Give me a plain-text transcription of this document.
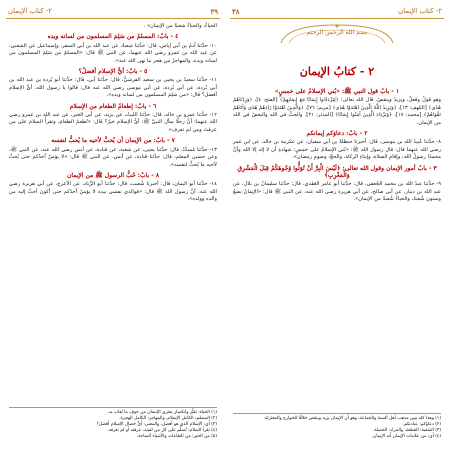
٣٩
٢- كتاب الإيمان

الحياءُ، والحياءُ شعبةٌ من الإيمان» .

٤ - بابٌ: المسلمُ من سَلِمَ المسلمون من لسانه ويده

١٠- حدَّثنا آدمُ بن أبي إياس، قال: حدَّثنا شعبةُ، عن عبد الله بن أبي السفر، وإسماعيل عن الشعبي، عن عبد الله بن عمرو رضي الله عنهما، عن النبي ﷺ قال: «المسلمُ من سَلِمَ المسلمون من لسانه ويده، والمهاجرُ من هجر ما نهى الله عنه».

٥ - بابٌ: أيُّ الإسلام أفضلُ؟

١١- حدَّثنا سعيدُ بن يحيى بن سعيد القرشيُّ، قال: حدَّثنا أبي، قال: حدَّثنا أبو بُردة بن عبد الله بن أبي بُردة، عن أبي بُردة، عن أبي موسى رضي الله عنه قال: قالوا يا رسول الله، أيُّ الإسلام أفضل؟ قال: «من سَلِمَ المسلمون من لسانه ويده».

٦ - بابٌ: إطعامُ الطعام من الإسلام

١٢- حدَّثنا عمرو بن خالد، قال: حدَّثنا الليثُ، عن يزيد، عن أبي الخير، عن عبد الله بن عمرو رضي الله عنهما: أنَّ رجلًا سأل النبيَّ ﷺ: أيُّ الإسلام خيرٌ؟ قال: «تُطعمُ الطعامَ، وتقرأُ السلامَ على من عرفتَ ومن لم تعرف».

٧ - بابٌ: من الإيمان أن يُحبَّ لأخيه ما يُحبُّ لنفسه

١٣- حدَّثنا مُسدَّدٌ، قال: حدَّثنا يحيى، عن شعبة، عن قتادة، عن أنس رضي الله عنه، عن النبي ﷺ، وعن حسين المعلم، قال: حدَّثنا قتادة، عن أنس، عن النبي ﷺ قال: «لا يؤمنُ أحدُكم حتى يُحبَّ لأخيه ما يُحبُّ لنفسه».

٨ - بابٌ: حُبُّ الرسول ﷺ من الإيمان

١٤- حدَّثنا أبو اليمان، قال: أخبرنا شُعيب، قال: حدَّثنا أبو الزِّناد، عن الأعرج، عن أبي هريرة رضي الله عنه: أنَّ رسول الله ﷺ قال: «فوالذي نفسي بيده لا يؤمنُ أحدُكم حتى أكونَ أحبَّ إليه من والده وولده».

(١) الحياء: تغيُّر وانكسار يعتري الإنسان من خوف ما يُعاب به.

(٢) المسلم: الكامل الإسلام، والمهاجر: الكامل الهجرة.

(٣) أي: الإسلام الذي هو أفضل، والمعنى: أيُّ خصال الإسلام أفضل؟

(٤) تقرأ السلام: تُسلِّم على كل من لقيته، عرفته أو لم تعرفه.

(٥) من الخير: من الطاعات والأشياء المباحة.

٢- كتاب الإيمان
٣٨
بسم الله الرحمن الرحيم
٢ - كتابُ الإيمان
١ - بابُ قول النبي ﷺ: «بُني الإسلامُ على خمسٍ»

وهو قولٌ وفعلٌ، ويزيدُ وينقصُ. قال الله تعالى: ﴿لِيَزْدَادُوا إِيمَانًا مَعَ إِيمَانِهِمْ﴾ [الفتح: ٤]، ﴿وَزِدْنَاهُمْ هُدًى﴾ [الكهف: ١٣]، ﴿وَيَزِيدُ اللَّهُ الَّذِينَ اهْتَدَوْا هُدًى﴾ [مريم: ٧٦]، ﴿وَالَّذِينَ اهْتَدَوْا زَادَهُمْ هُدًى وَآتَاهُمْ تَقْوَاهُمْ﴾ [محمد: ١٧]، ﴿وَيَزْدَادَ الَّذِينَ آمَنُوا إِيمَانًا﴾ [المدثر: ٣١]. والحبُّ في الله والبغضُ في الله من الإيمان.

٢ - بابٌ: دعاؤكم إيمانكم

٨- حدَّثنا عُبيدُ الله بن موسى، قال: أخبرنا حنظلةُ بن أبي سفيان، عن عكرمة بن خالد، عن ابن عمر رضي الله عنهما قال: قال رسول الله ﷺ: «بُني الإسلامُ على خمسٍ: شهادةِ أن لا إله إلا الله وأنَّ محمدًا رسولُ الله، وإقامِ الصلاة، وإيتاءِ الزكاة، والحجِّ، وصومِ رمضان».

٣ - بابُ أمور الإيمان وقول الله تعالى: ﴿لَيْسَ الْبِرَّ أَنْ تُوَلُّوا وُجُوهَكُمْ قِبَلَ الْمَشْرِقِ وَالْمَغْرِبِ﴾

٩- حدَّثنا عبدُ الله بن محمد الجُعفي، قال: حدَّثنا أبو عامر العَقَدي، قال: حدَّثنا سليمانُ بن بلال، عن عبد الله بن دينار، عن أبي صالح، عن أبي هريرة رضي الله عنه، عن النبي ﷺ قال: «الإيمانُ بضعٌ وستون شُعبةً، والحياءُ شُعبةٌ من الإيمان».

(١) وهذا كله يبين مذهب أهل السنة والجماعة، وهو أن الإيمان يزيد وينقص خلافًا للخوارج والمعتزلة.

(٢) دعاؤكم: عبادتكم.

(٣) الشعبة: القطعة، والمراد: الخصلة.

(٤) أي: من علامات الإيمان أنه الإيمان.
